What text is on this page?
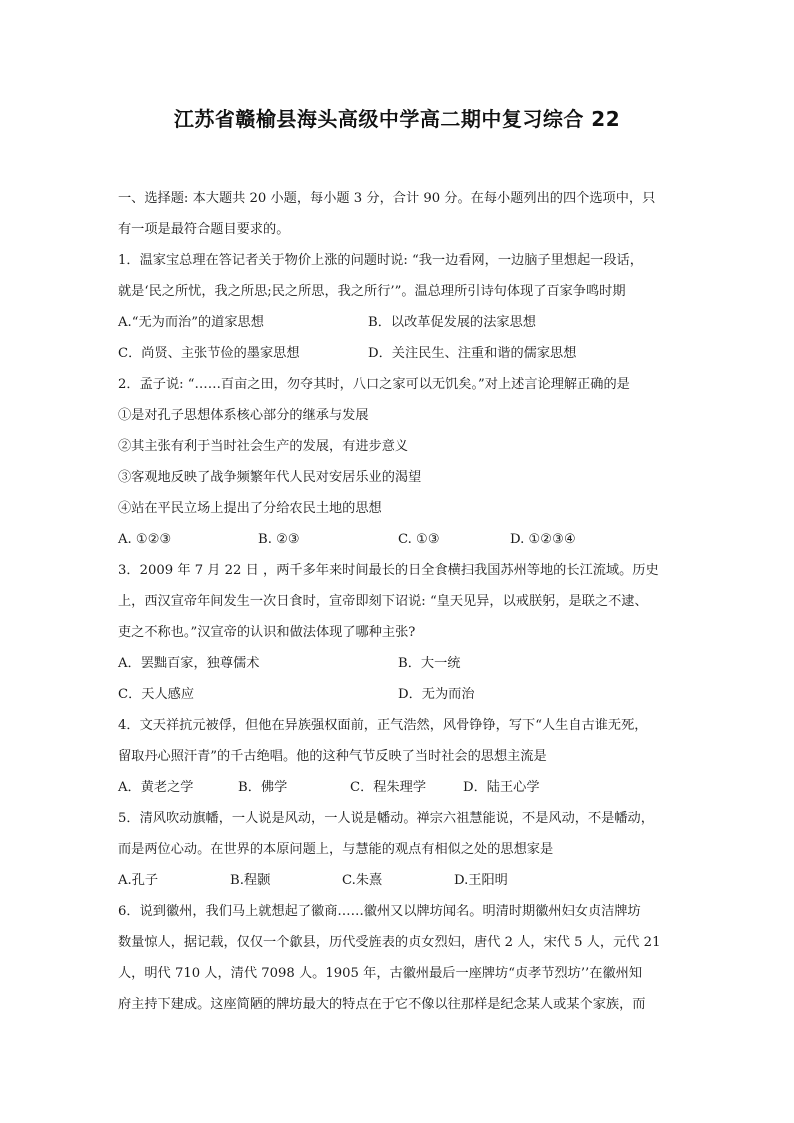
江苏省赣榆县海头高级中学高二期中复习综合 22
一、选择题: 本大题共 20 小题，每小题 3 分，合计 90 分。在每小题列出的四个选项中，只
有一项是最符合题目要求的。
1．温家宝总理在答记者关于物价上涨的问题时说: “我一边看网，一边脑子里想起一段话，
就是‘民之所忧，我之所思;民之所思，我之所行’”。温总理所引诗句体现了百家争鸣时期
A.“无为而治”的道家思想	B．以改革促发展的法家思想
C．尚贤、主张节俭的墨家思想	D．关注民生、注重和谐的儒家思想
2．孟子说: “……百亩之田，勿夺其时，八口之家可以无饥矣。”对上述言论理解正确的是
①是对孔子思想体系核心部分的继承与发展
②其主张有利于当时社会生产的发展，有进步意义
③客观地反映了战争频繁年代人民对安居乐业的渴望
④站在平民立场上提出了分给农民土地的思想
A. ①②③	B. ②③	C. ①③	D. ①②③④
3．2009 年 7 月 22 日 ，两千多年来时间最长的日全食横扫我国苏州等地的长江流域。历史
上，西汉宣帝年间发生一次日食时，宣帝即刻下诏说: “皇天见异，以戒朕躬，是联之不逮、
吏之不称也。”汉宣帝的认识和做法体现了哪种主张?
A．罢黜百家，独尊儒术	B．大一统
C．天人感应	D．无为而治
4．文天祥抗元被俘，但他在异族强权面前，正气浩然，风骨铮铮，写下“人生自古谁无死，
留取丹心照汗青”的千古绝唱。他的这种气节反映了当时社会的思想主流是
A．黄老之学	B．佛学	C．程朱理学	D．陆王心学
5．清风吹动旗幡，一人说是风动，一人说是幡动。禅宗六祖慧能说，不是风动，不是幡动，
而是两位心动。在世界的本原问题上，与慧能的观点有相似之处的思想家是
A.孔子	B.程颢	C.朱熹	D.王阳明
6．说到徽州，我们马上就想起了徽商……徽州又以牌坊闻名。明清时期徽州妇女贞洁牌坊
数量惊人，据记载，仅仅一个歙县，历代受旌表的贞女烈妇，唐代 2 人，宋代 5 人，元代 21
人，明代 710 人，清代 7098 人。1905 年，古徽州最后一座牌坊“贞孝节烈坊’’在徽州知
府主持下建成。这座简陋的牌坊最大的特点在于它不像以往那样是纪念某人或某个家族，而
